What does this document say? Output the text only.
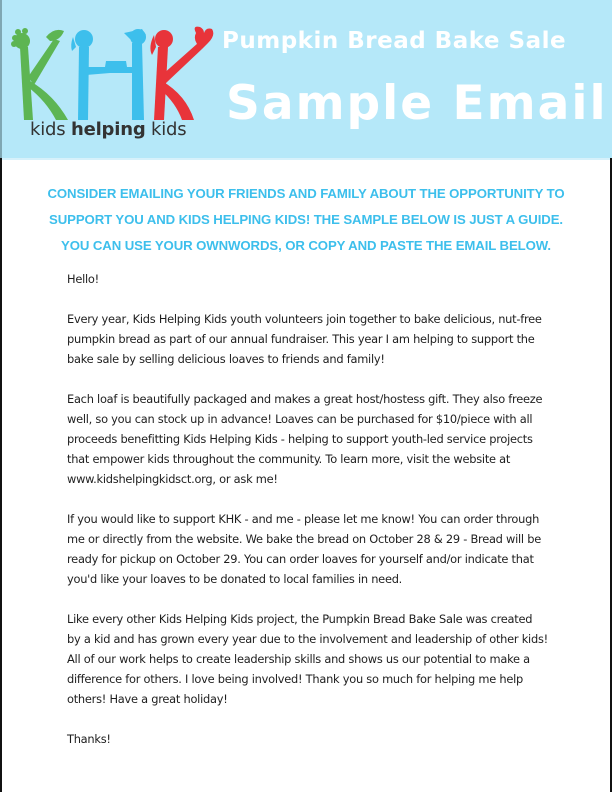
kids helping kids
Pumpkin Bread Bake Sale
Sample Email
CONSIDER EMAILING YOUR FRIENDS AND FAMILY ABOUT THE OPPORTUNITY TO
SUPPORT YOU AND KIDS HELPING KIDS! THE SAMPLE BELOW IS JUST A GUIDE.
YOU CAN USE YOUR OWNWORDS, OR COPY AND PASTE THE EMAIL BELOW.

Hello!

Every year, Kids Helping Kids youth volunteers join together to bake delicious, nut-free
pumpkin bread as part of our annual fundraiser. This year I am helping to support the
bake sale by selling delicious loaves to friends and family!

Each loaf is beautifully packaged and makes a great host/hostess gift. They also freeze
well, so you can stock up in advance! Loaves can be purchased for $10/piece with all
proceeds benefitting Kids Helping Kids - helping to support youth-led service projects
that empower kids throughout the community. To learn more, visit the website at
www.kidshelpingkidsct.org, or ask me!

If you would like to support KHK - and me - please let me know! You can order through
me or directly from the website. We bake the bread on October 28 & 29 - Bread will be
ready for pickup on October 29. You can order loaves for yourself and/or indicate that
you'd like your loaves to be donated to local families in need.

Like every other Kids Helping Kids project, the Pumpkin Bread Bake Sale was created
by a kid and has grown every year due to the involvement and leadership of other kids!
All of our work helps to create leadership skills and shows us our potential to make a
difference for others. I love being involved! Thank you so much for helping me help
others! Have a great holiday!

Thanks!
